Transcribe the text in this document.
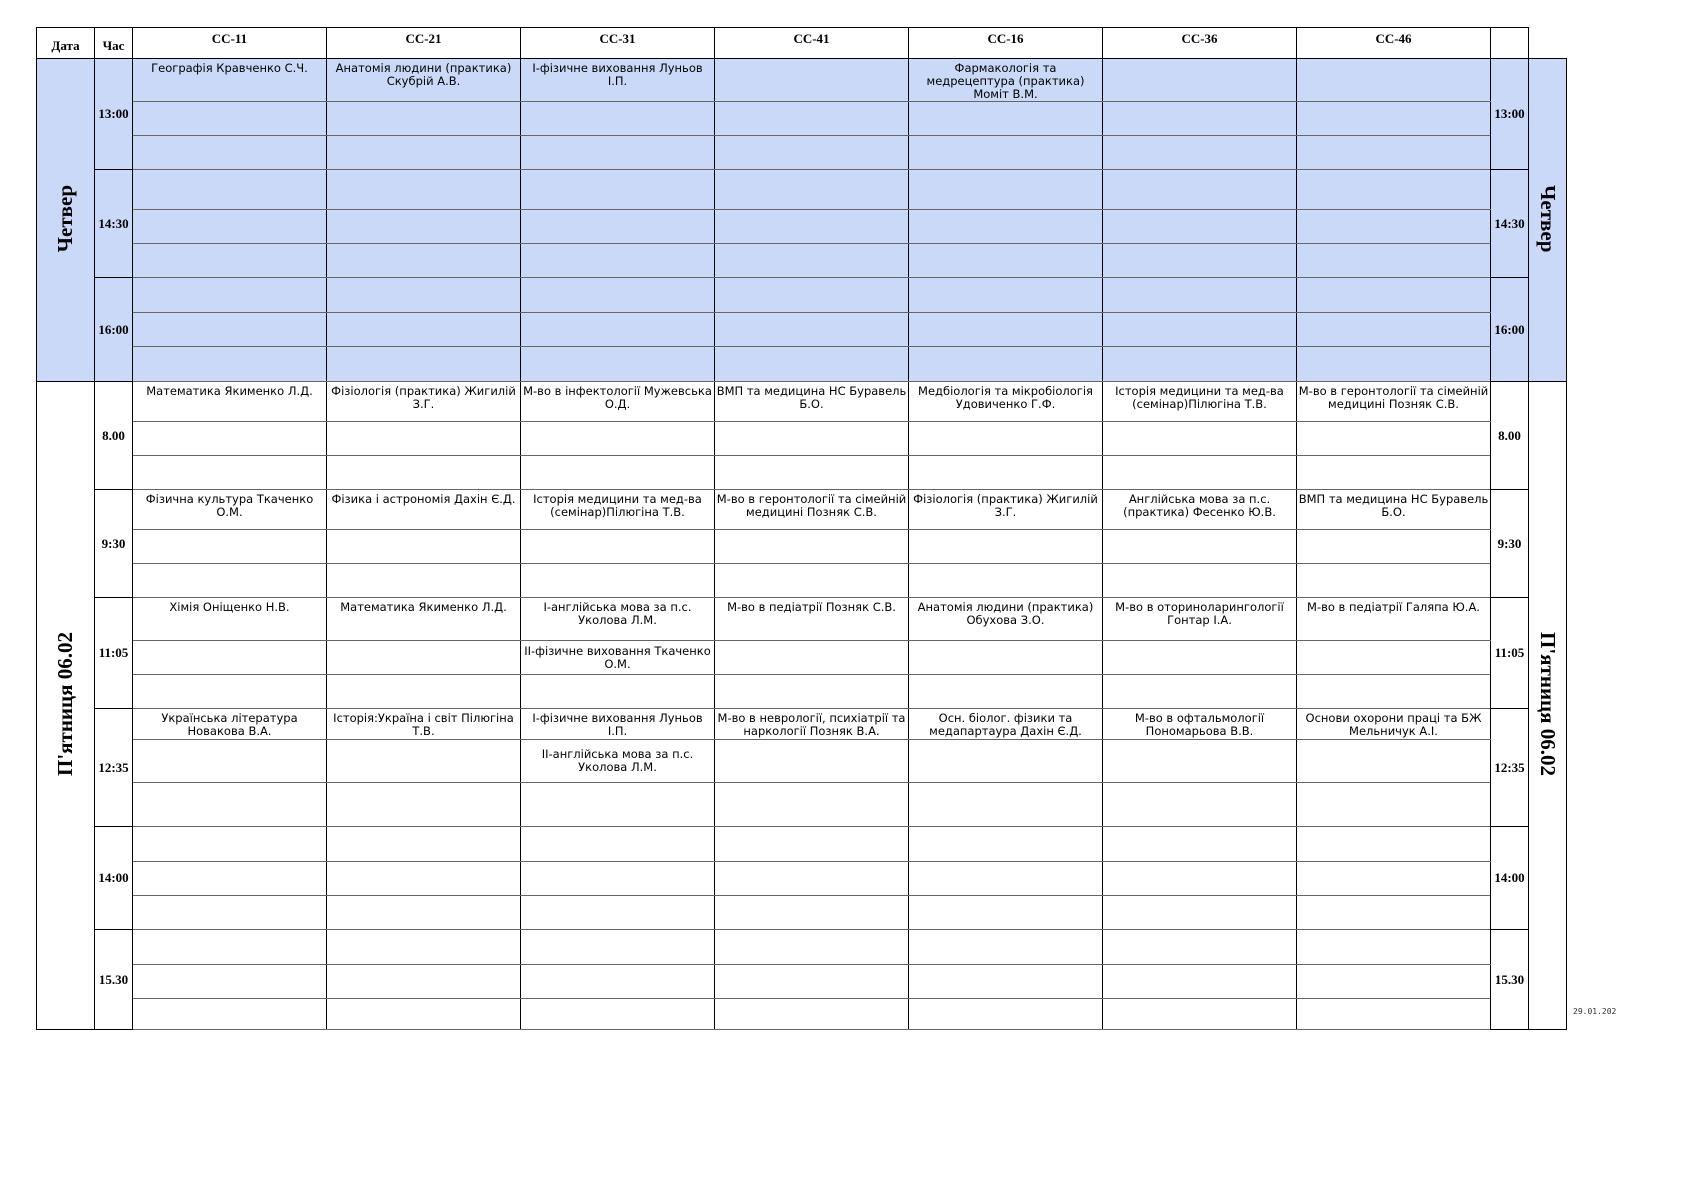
Дата	Час	СС-11	СС-21	СС-31	СС-41	СС-16	СС-36	СС-46		
Четвер	13:00	Географія Кравченко С.Ч.	Анатомія людини (практика) Скубрій А.В.	І-фізичне виховання Луньов І.П.		Фармакологія та медрецептура (практика) Моміт В.М.			13:00	Четвер

	14:30								14:30	

	16:00								16:00	

П'ятниця 06.02	8.00	Математика Якименко Л.Д.	Фізіологія (практика) Жигилій З.Г.	М-во в інфектології Мужевська О.Д.	ВМП та медицина НС Буравель Б.О.	Медбіологія та мікробіологія Удовиченко Г.Ф.	Історія медицини та мед-ва (семінар)Пілюгіна Т.В.	М-во в геронтології та сімейній медицині Позняк С.В.	8.00	П'ятниця 06.02

	9:30	Фізична культура Ткаченко О.М.	Фізика і астрономія Дахін Є.Д.	Історія медицини та мед-ва (семінар)Пілюгіна Т.В.	М-во в геронтології та сімейній медицині Позняк С.В.	Фізіологія (практика) Жигилій З.Г.	Англійська мова за п.с. (практика) Фесенко Ю.В.	ВМП та медицина НС Буравель Б.О.	9:30	

	11:05	Хімія Оніщенко Н.В.	Математика Якименко Л.Д.	І-англійська мова за п.с. Уколова Л.М.	М-во в педіатрії Позняк С.В.	Анатомія людини (практика) Обухова З.О.	М-во в оториноларингології Гонтар І.А.	М-во в педіатрії Галяпа Ю.А.	11:05	
				ІІ-фізичне виховання Ткаченко О.М.						

	12:35	Українська література Новакова В.А.	Історія:Україна і світ Пілюгіна Т.В.	І-фізичне виховання Луньов І.П.	М-во в неврології, психіатрії та наркології Позняк В.А.	Осн. біолог. фізики та медапартаура Дахін Є.Д.	М-во в офтальмології Пономарьова В.В.	Основи охорони праці та БЖ Мельничук А.І.	12:35	
				ІІ-англійська мова за п.с. Уколова Л.М.						

	14:00								14:00	

	15.30								15.30	

29.01.202
